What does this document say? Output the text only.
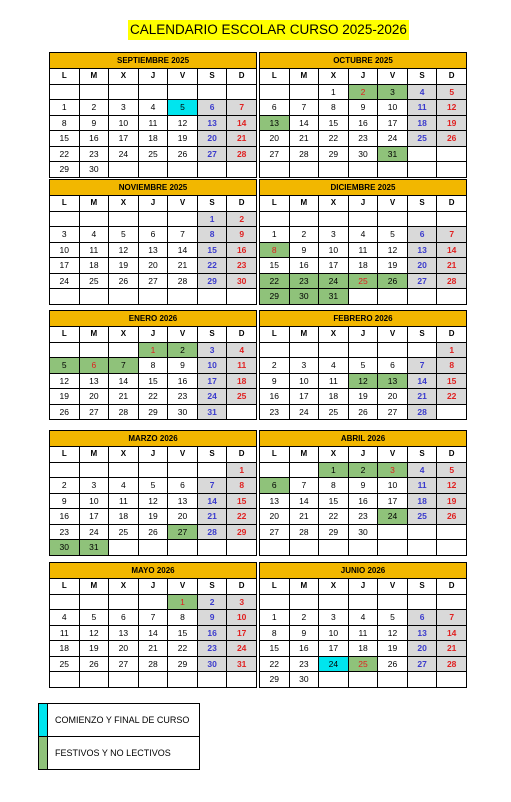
CALENDARIO ESCOLAR CURSO 2025-2026
SEPTIEMBRE 2025						
L	M	X	J	V	S	D

1	2	3	4	5	6	7
8	9	10	11	12	13	14
15	16	17	18	19	20	21
22	23	24	25	26	27	28
29	30					
OCTUBRE 2025						
L	M	X	J	V	S	D
		1	2	3	4	5
6	7	8	9	10	11	12
13	14	15	16	17	18	19
20	21	22	23	24	25	26
27	28	29	30	31		

NOVIEMBRE 2025						
L	M	X	J	V	S	D
					1	2
3	4	5	6	7	8	9
10	11	12	13	14	15	16
17	18	19	20	21	22	23
24	25	26	27	28	29	30

DICIEMBRE 2025						
L	M	X	J	V	S	D

1	2	3	4	5	6	7
8	9	10	11	12	13	14
15	16	17	18	19	20	21
22	23	24	25	26	27	28
29	30	31				
ENERO 2026						
L	M	X	J	V	S	D
			1	2	3	4
5	6	7	8	9	10	11
12	13	14	15	16	17	18
19	20	21	22	23	24	25
26	27	28	29	30	31	
FEBRERO 2026						
L	M	X	J	V	S	D
						1
2	3	4	5	6	7	8
9	10	11	12	13	14	15
16	17	18	19	20	21	22
23	24	25	26	27	28	
MARZO 2026						
L	M	X	J	V	S	D
						1
2	3	4	5	6	7	8
9	10	11	12	13	14	15
16	17	18	19	20	21	22
23	24	25	26	27	28	29
30	31					
ABRIL 2026						
L	M	X	J	V	S	D
		1	2	3	4	5
6	7	8	9	10	11	12
13	14	15	16	17	18	19
20	21	22	23	24	25	26
27	28	29	30			

MAYO 2026						
L	M	X	J	V	S	D
				1	2	3
4	5	6	7	8	9	10
11	12	13	14	15	16	17
18	19	20	21	22	23	24
25	26	27	28	29	30	31

JUNIO 2026						
L	M	X	J	V	S	D

1	2	3	4	5	6	7
8	9	10	11	12	13	14
15	16	17	18	19	20	21
22	23	24	25	26	27	28
29	30					
	COMIENZO Y FINAL DE CURSO
	FESTIVOS Y NO LECTIVOS
